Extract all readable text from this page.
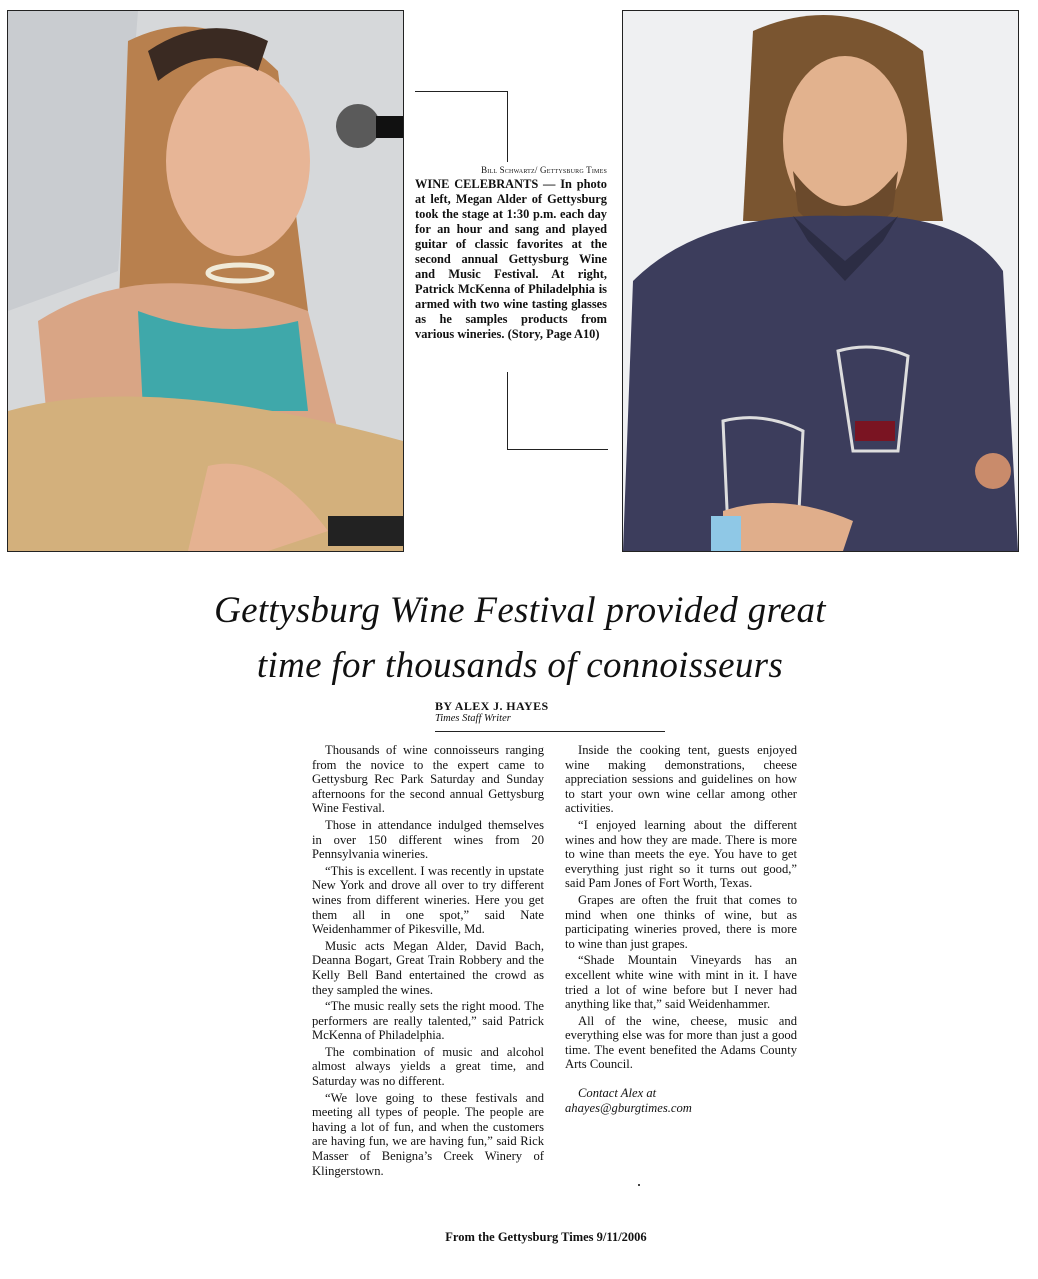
Bill Schwartz/ Gettysburg Times
WINE CELEBRANTS — In photo at left, Megan Alder of Gettysburg took the stage at 1:30 p.m. each day for an hour and sang and played guitar of classic favorites at the second annual Gettysburg Wine and Music Festival. At right, Patrick McKenna of Philadelphia is armed with two wine tasting glasses as he samples products from various wineries. (Story, Page A10)
Gettysburg Wine Festival provided great
time for thousands of connoisseurs
BY ALEX J. HAYES
Times Staff Writer

Thousands of wine connoisseurs ranging from the novice to the expert came to Gettysburg Rec Park Saturday and Sunday afternoons for the second annual Gettysburg Wine Festival.

Those in attendance indulged themselves in over 150 different wines from 20 Pennsylvania wineries.

“This is excellent. I was recently in upstate New York and drove all over to try different wines from different wineries. Here you get them all in one spot,” said Nate Weidenhammer of Pikesville, Md.

Music acts Megan Alder, David Bach, Deanna Bogart, Great Train Robbery and the Kelly Bell Band entertained the crowd as they sampled the wines.

“The music really sets the right mood. The performers are really talented,” said Patrick McKenna of Philadelphia.

The combination of music and alcohol almost always yields a great time, and Saturday was no different.

“We love going to these festivals and meeting all types of people. The people are having a lot of fun, and when the customers are having fun, we are having fun,” said Rick Masser of Benigna’s Creek Winery of Klingerstown.

Inside the cooking tent, guests enjoyed wine making demonstrations, cheese appreciation sessions and guidelines on how to start your own wine cellar among other activities.

“I enjoyed learning about the different wines and how they are made. There is more to wine than meets the eye. You have to get everything just right so it turns out good,” said Pam Jones of Fort Worth, Texas.

Grapes are often the fruit that comes to mind when one thinks of wine, but as participating wineries proved, there is more to wine than just grapes.

“Shade Mountain Vineyards has an excellent white wine with mint in it. I have tried a lot of wine before but I never had anything like that,” said Weidenhammer.

All of the wine, cheese, music and everything else was for more than just a good time. The event benefited the Adams County Arts Council.

Contact Alex at
ahayes@gburgtimes.com

From the Gettysburg Times 9/11/2006
